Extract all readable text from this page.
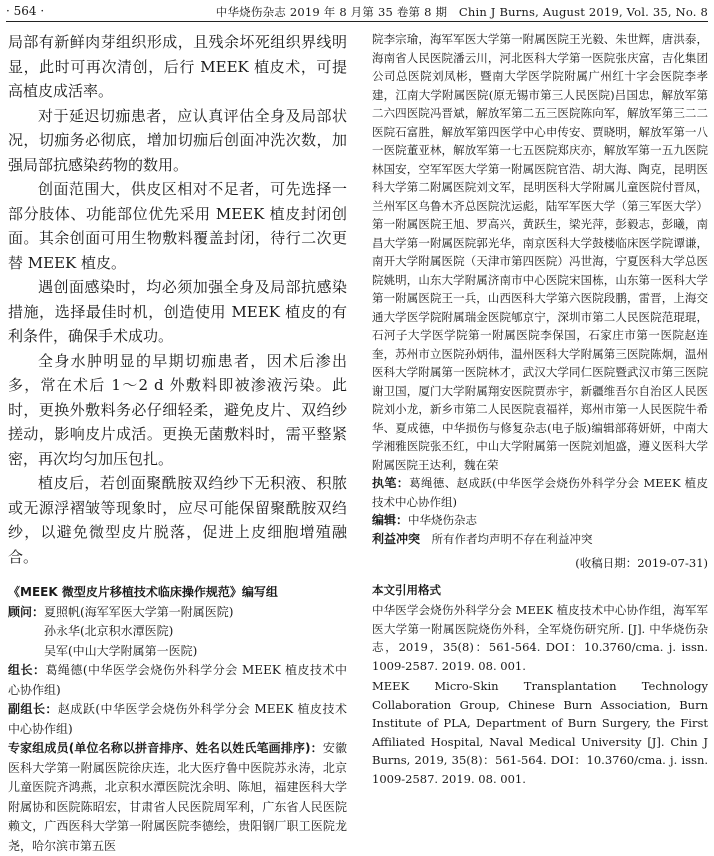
· 564 ·	中华烧伤杂志 2019 年 8 月第 35 卷第 8 期　Chin J Burns, August 2019, Vol. 35, No. 8

局部有新鲜肉芽组织形成，且残余坏死组织界线明显，此时可再次清创，后行 MEEK 植皮术，可提高植皮成活率。

对于延迟切痂患者，应认真评估全身及局部状况，切痂务必彻底，增加切痂后创面冲洗次数，加强局部抗感染药物的数用。

创面范围大，供皮区相对不足者，可先选择一部分肢体、功能部位优先采用 MEEK 植皮封闭创面。其余创面可用生物敷料覆盖封闭，待行二次更替 MEEK 植皮。

遇创面感染时，均必须加强全身及局部抗感染措施，选择最佳时机，创造使用 MEEK 植皮的有利条件，确保手术成功。

全身水肿明显的早期切痂患者，因术后渗出多，常在术后 1～2 d 外敷料即被渗液污染。此时，更换外敷料务必仔细轻柔，避免皮片、双绉纱搓动，影响皮片成活。更换无菌敷料时，需平整紧密，再次均匀加压包扎。

植皮后，若创面聚酰胺双绉纱下无积液、积脓或无源浮褶皱等现象时，应尽可能保留聚酰胺双绉纱，以避免微型皮片脱落，促进上皮细胞增殖融合。

《MEEK 微型皮片移植技术临床操作规范》编写组

顾问：夏照帆(海军军医大学第一附属医院)

孙永华(北京积水潭医院)

吴军(中山大学附属第一医院)

组长：葛绳德(中华医学会烧伤外科学分会 MEEK 植皮技术中心协作组)

副组长：赵成跃(中华医学会烧伤外科学分会 MEEK 植皮技术中心协作组)

专家组成员(单位名称以拼音排序、姓名以姓氏笔画排序)：安徽医科大学第一附属医院徐庆连，北大医疗鲁中医院苏永涛，北京儿童医院齐鸿燕，北京积水潭医院沈余明、陈旭，福建医科大学附属协和医院陈昭宏，甘肃省人民医院周军利，广东省人民医院赖文，广西医科大学第一附属医院李德绘，贵阳钢厂职工医院龙尧，哈尔滨市第五医

院李宗瑜，海军军医大学第一附属医院王光毅、朱世辉，唐洪泰，海南省人民医院潘云川，河北医科大学第一医院张庆富，吉化集团公司总医院刘凤彬，暨南大学医学院附属广州红十字会医院李孝建，江南大学附属医院(原无锡市第三人民医院)吕国忠，解放军第二六四医院冯晋斌，解放军第二五三医院陈向军，解放军第三二二医院石富胜，解放军第四医学中心申传安、贾晓明，解放军第一八一医院董亚林，解放军第一七五医院郑庆亦，解放军第一五九医院林国安，空军军医大学第一附属医院官浩、胡大海、陶克，昆明医科大学第二附属医院刘文军，昆明医科大学附属儿童医院付晋凤，兰州军区乌鲁木齐总医院沈运彪，陆军军医大学（第三军医大学）第一附属医院王旭、罗高兴，黄跃生，梁光萍，彭毅志，彭曦，南昌大学第一附属医院郭光华，南京医科大学鼓楼临床医学院谭谦，南开大学附属医院（天津市第四医院）冯世海，宁夏医科大学总医院姚明，山东大学附属济南市中心医院宋国栋，山东第一医科大学第一附属医院王一兵，山西医科大学第六医院段鹏，雷晋，上海交通大学医学院附属瑞金医院郇京宁，深圳市第二人民医院范琨琨，石河子大学医学院第一附属医院李保国，石家庄市第一医院赵连奎，苏州市立医院孙炳伟，温州医科大学附属第三医院陈炯，温州医科大学附属第一医院林才，武汉大学同仁医院暨武汉市第三医院谢卫国，厦门大学附属翔安医院贾赤宇，新疆维吾尔自治区人民医院刘小龙，新乡市第二人民医院袁福祥，郑州市第一人民医院牛希华、夏成德，中华损伤与修复杂志(电子版)编辑部蒋妍妍，中南大学湘雅医院张丕红，中山大学附属第一医院刘旭盛，遵义医科大学附属医院王达利，魏在荣

执笔：葛绳德、赵成跃(中华医学会烧伤外科学分会 MEEK 植皮技术中心协作组)

编辑：中华烧伤杂志

利益冲突　 所有作者均声明不存在利益冲突

(收稿日期：2019-07-31)

本文引用格式

中华医学会烧伤外科学分会 MEEK 植皮技术中心协作组，海军军医大学第一附属医院烧伤外科，全军烧伤研究所. [J]. 中华烧伤杂志，2019，35(8)：561-564. DOI：10.3760/cma. j. issn. 1009-2587. 2019. 08. 001.

MEEK Micro-Skin Transplantation Technology Collaboration Group, Chinese Burn Association, Burn Institute of PLA, Department of Burn Surgery, the First Affiliated Hospital, Naval Medical University [J]. Chin J Burns, 2019, 35(8)：561-564. DOI：10.3760/cma. j. issn. 1009-2587. 2019. 08. 001.
